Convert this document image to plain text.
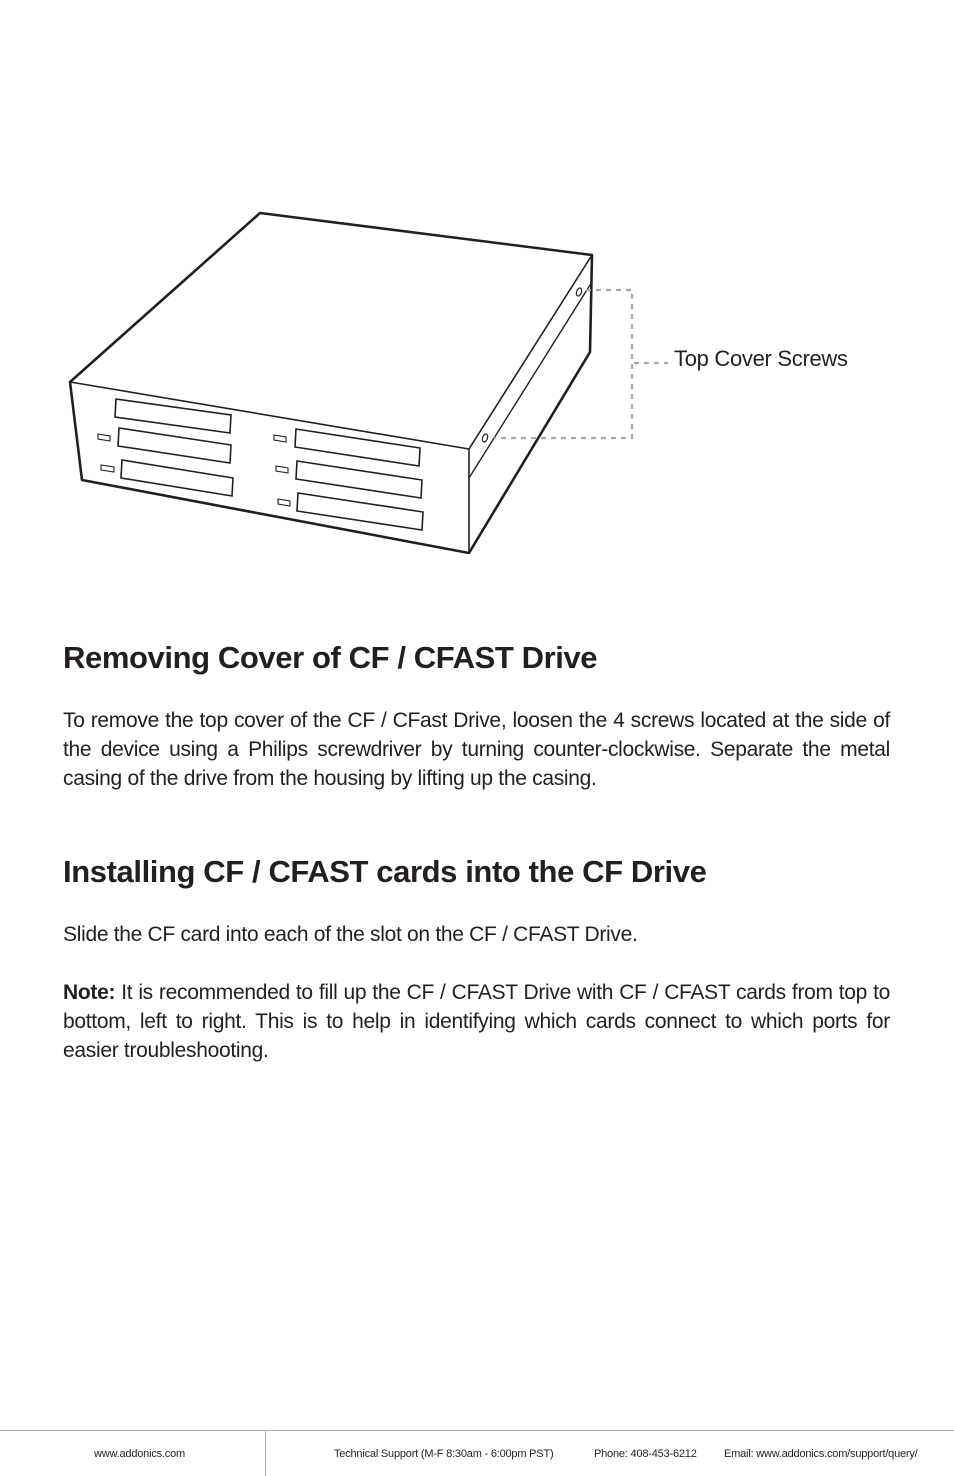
Top Cover Screws
Removing Cover of CF / CFAST Drive

To remove the top cover of the CF / CFast Drive, loosen the 4 screws located at the side of the device using a Philips screwdriver by turning counter-clockwise. Separate the metal casing of the drive from the housing by lifting up the casing.

Installing CF / CFAST cards into the CF Drive

Slide the CF card into each of the slot on the CF / CFAST Drive.

Note: It is recommended to fill up the CF / CFAST Drive with CF / CFAST cards from top to bottom, left to right. This is to help in identifying which cards connect to which ports for easier troubleshooting.

www.addonics.com	Technical Support (M-F 8:30am - 6:00pm PST)	Phone: 408-453-6212 Email: www.addonics.com/support/query/
